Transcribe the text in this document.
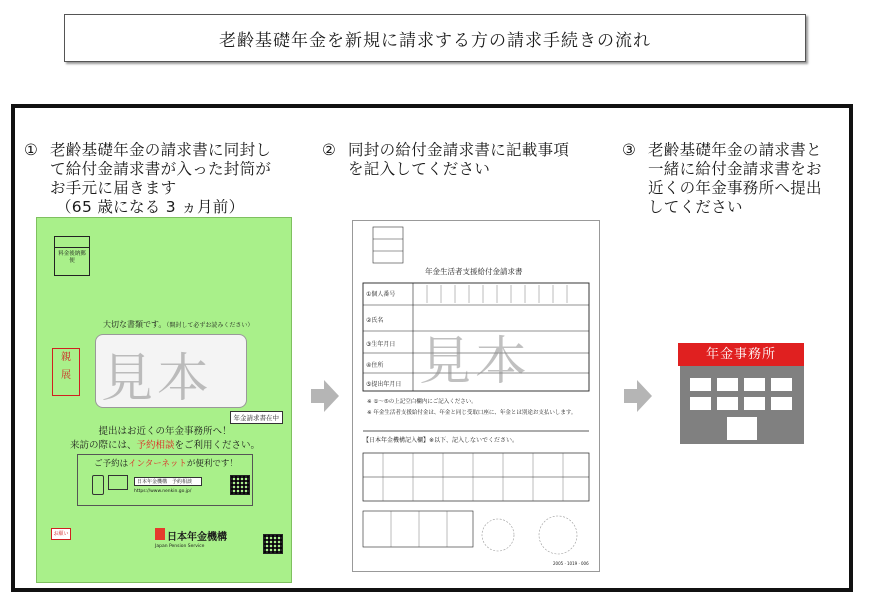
老齢基礎年金を新規に請求する方の請求手続きの流れ
① 老齢基礎年金の請求書に同封し
て給付金請求書が入った封筒が
お手元に届きます
（65 歳になる 3 ヵ月前）
② 同封の給付金請求書に記載事項
を記入してください
③ 老齢基礎年金の請求書と
一緒に給付金請求書をお
近くの年金事務所へ提出
してください
料金後納郵便
大切な書類です。（開封して必ずお読みください）
親
展 見本
年金請求書在中
提出はお近くの年金事務所へ！
来訪の際には、予約相談をご利用ください。
ご予約はインターネットが便利です！
日本年金機構　予約相談
https://www.nenkin.go.jp/
お願い	日本年金機構
Japan Pension Service
年金生活者支援給付金請求書
①個人番号
②氏名
③生年月日
④住所
⑤提出年月日 見本
※ ①〜⑤の上記空白欄内にご記入ください。
※ 年金生活者支援給付金は、年金と同じ受取口座に、年金とは別途お支払いします。
【日本年金機構記入欄】※以下、記入しないでください。
2005 · 1019 · 006
年金事務所
